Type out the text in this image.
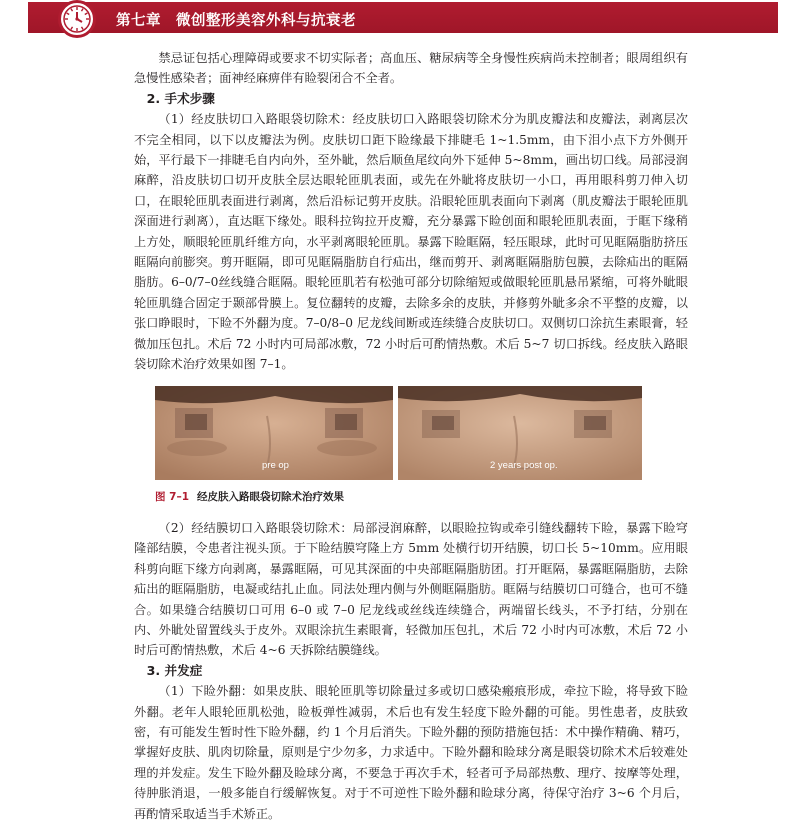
第七章　微创整形美容外科与抗衰老

禁忌证包括心理障碍或要求不切实际者；高血压、糖尿病等全身慢性疾病尚未控制者；眼周组织有急慢性感染者；面神经麻痹伴有睑裂闭合不全者。

2. 手术步骤

（1）经皮肤切口入路眼袋切除术：经皮肤切口入路眼袋切除术分为肌皮瓣法和皮瓣法，剥离层次不完全相同，以下以皮瓣法为例。皮肤切口距下睑缘最下排睫毛 1~1.5mm，由下泪小点下方外侧开始，平行最下一排睫毛自内向外，至外眦，然后顺鱼尾纹向外下延伸 5~8mm，画出切口线。局部浸润麻醉，沿皮肤切口切开皮肤全层达眼轮匝肌表面，或先在外眦将皮肤切一小口，再用眼科剪刀伸入切口，在眼轮匝肌表面进行剥离，然后沿标记剪开皮肤。沿眼轮匝肌表面向下剥离（肌皮瓣法于眼轮匝肌深面进行剥离），直达眶下缘处。眼科拉钩拉开皮瓣，充分暴露下睑创面和眼轮匝肌表面，于眶下缘稍上方处，顺眼轮匝肌纤维方向，水平剥离眼轮匝肌。暴露下睑眶隔，轻压眼球，此时可见眶隔脂肪挤压眶隔向前膨突。剪开眶隔，即可见眶隔脂肪自行疝出，继而剪开、剥离眶隔脂肪包膜，去除疝出的眶隔脂肪。6–0/7–0丝线缝合眶隔。眼轮匝肌若有松弛可部分切除缩短或做眼轮匝肌悬吊紧缩，可将外眦眼轮匝肌缝合固定于颞部骨膜上。复位翻转的皮瓣，去除多余的皮肤，并修剪外眦多余不平整的皮瓣，以张口睁眼时，下睑不外翻为度。7–0/8–0 尼龙线间断或连续缝合皮肤切口。双侧切口涂抗生素眼膏，轻微加压包扎。术后 72 小时内可局部冰敷，72 小时后可酌情热敷。术后 5~7 切口拆线。经皮肤入路眼袋切除术治疗效果如图 7–1。

pre op	2 years post op.
图 7–1 经皮肤入路眼袋切除术治疗效果

（2）经结膜切口入路眼袋切除术：局部浸润麻醉，以眼睑拉钩或牵引缝线翻转下睑，暴露下睑穹隆部结膜，令患者注视头顶。于下睑结膜穹隆上方 5mm 处横行切开结膜，切口长 5~10mm。应用眼科剪向眶下缘方向剥离，暴露眶隔，可见其深面的中央部眶隔脂肪团。打开眶隔，暴露眶隔脂肪，去除疝出的眶隔脂肪，电凝或结扎止血。同法处理内侧与外侧眶隔脂肪。眶隔与结膜切口可缝合，也可不缝合。如果缝合结膜切口可用 6–0 或 7–0 尼龙线或丝线连续缝合，两端留长线头，不予打结，分别在内、外眦处留置线头于皮外。双眼涂抗生素眼膏，轻微加压包扎，术后 72 小时内可冰敷，术后 72 小时后可酌情热敷，术后 4~6 天拆除结膜缝线。

3. 并发症

（1）下睑外翻：如果皮肤、眼轮匝肌等切除量过多或切口感染瘢痕形成，牵拉下睑，将导致下睑外翻。老年人眼轮匝肌松弛，睑板弹性减弱，术后也有发生轻度下睑外翻的可能。男性患者，皮肤致密，有可能发生暂时性下睑外翻，约 1 个月后消失。下睑外翻的预防措施包括：术中操作精确、精巧，掌握好皮肤、肌肉切除量，原则是宁少勿多，力求适中。下睑外翻和睑球分离是眼袋切除术术后较难处理的并发症。发生下睑外翻及睑球分离，不要急于再次手术，轻者可予局部热敷、理疗、按摩等处理，待肿胀消退，一般多能自行缓解恢复。对于不可逆性下睑外翻和睑球分离，待保守治疗 3~6 个月后，再酌情采取适当手术矫正。
